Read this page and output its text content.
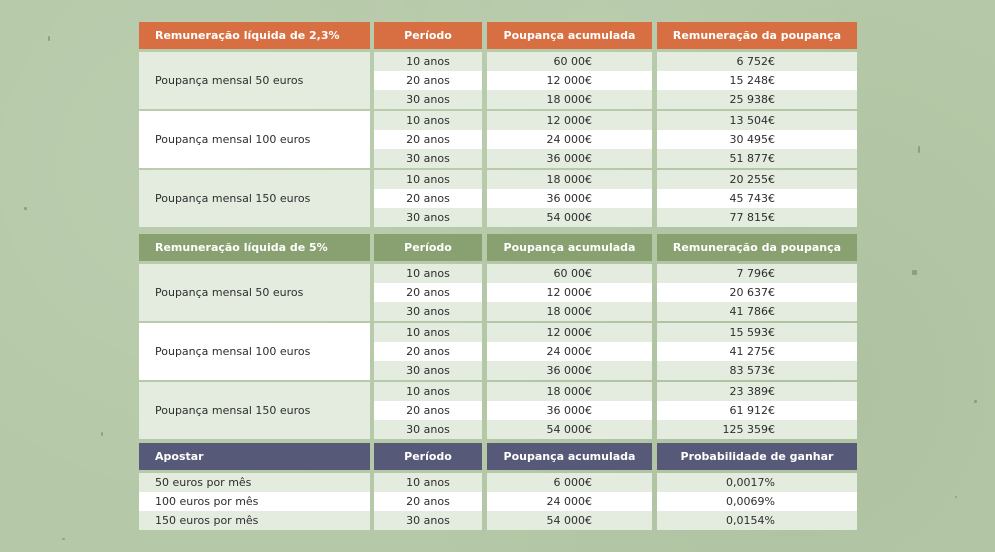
Remuneração líquida de 2,3%	Período	Poupança acumulada	Remuneração da poupança
Poupança mensal 50 euros
10 anos	60 00€	6 752€
20 anos	12 000€	15 248€
30 anos	18 000€	25 938€
Poupança mensal 100 euros
10 anos	12 000€	13 504€
20 anos	24 000€	30 495€
30 anos	36 000€	51 877€
Poupança mensal 150 euros
10 anos	18 000€	20 255€
20 anos	36 000€	45 743€
30 anos	54 000€	77 815€
Remuneração líquida de 5%	Período	Poupança acumulada	Remuneração da poupança
Poupança mensal 50 euros
10 anos	60 00€	7 796€
20 anos	12 000€	20 637€
30 anos	18 000€	41 786€
Poupança mensal 100 euros
10 anos	12 000€	15 593€
20 anos	24 000€	41 275€
30 anos	36 000€	83 573€
Poupança mensal 150 euros
10 anos	18 000€	23 389€
20 anos	36 000€	61 912€
30 anos	54 000€	125 359€
Apostar	Período	Poupança acumulada	Probabilidade de ganhar
50 euros por mês	10 anos	6 000€	0,0017%
100 euros por mês	20 anos	24 000€	0,0069%
150 euros por mês	30 anos	54 000€	0,0154%
